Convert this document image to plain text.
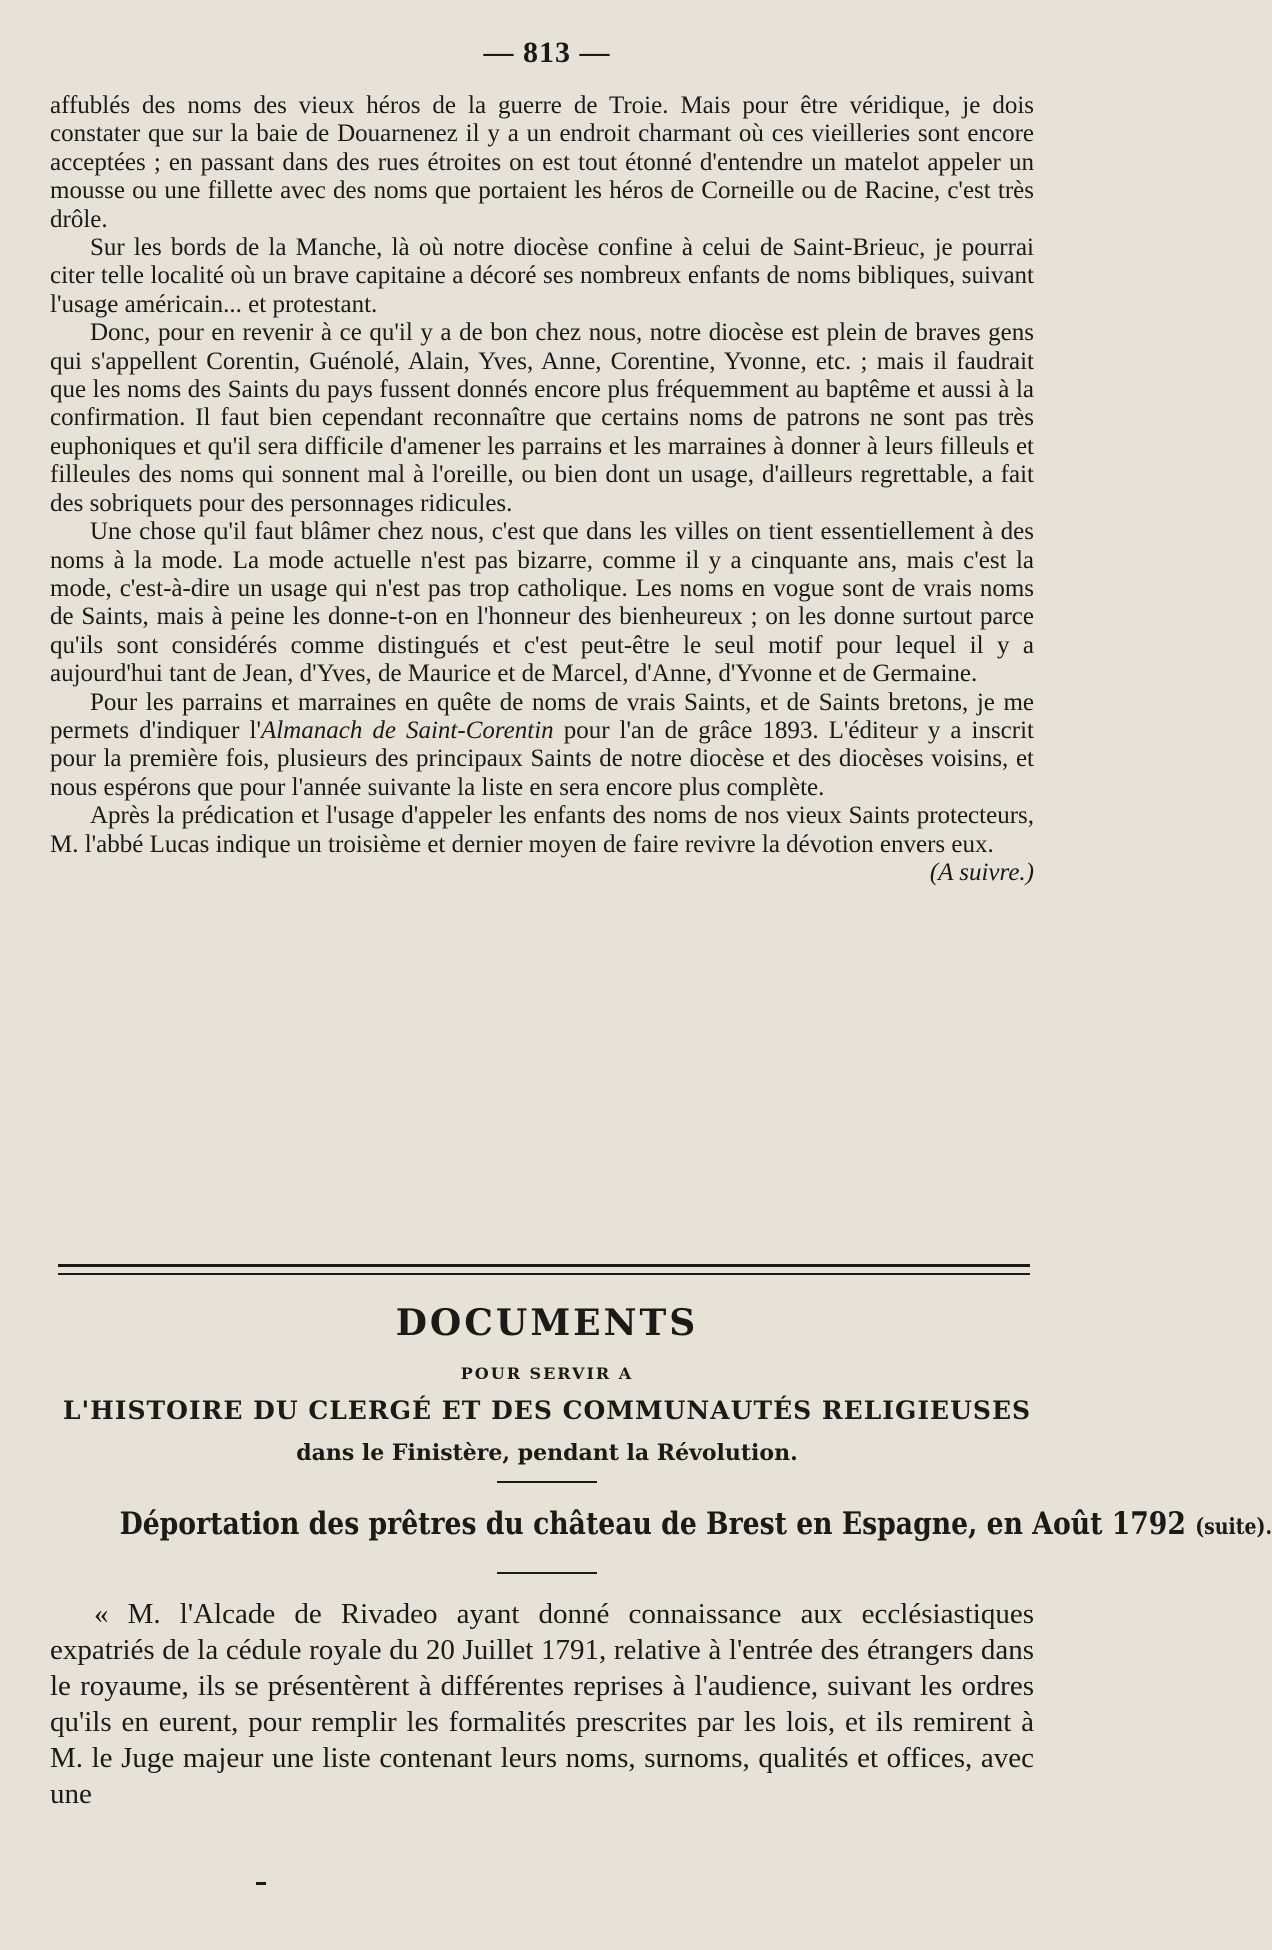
— 813 —

affublés des noms des vieux héros de la guerre de Troie. Mais pour être véridique, je dois constater que sur la baie de Douarnenez il y a un endroit charmant où ces vieilleries sont encore acceptées ; en passant dans des rues étroites on est tout étonné d'entendre un matelot appeler un mousse ou une fillette avec des noms que portaient les héros de Corneille ou de Racine, c'est très drôle.

Sur les bords de la Manche, là où notre diocèse confine à celui de Saint-Brieuc, je pourrai citer telle localité où un brave capitaine a décoré ses nombreux enfants de noms bibliques, suivant l'usage américain... et protestant.

Donc, pour en revenir à ce qu'il y a de bon chez nous, notre diocèse est plein de braves gens qui s'appellent Corentin, Guénolé, Alain, Yves, Anne, Corentine, Yvonne, etc. ; mais il faudrait que les noms des Saints du pays fussent donnés encore plus fréquemment au baptême et aussi à la confirmation. Il faut bien cependant reconnaître que certains noms de patrons ne sont pas très euphoniques et qu'il sera difficile d'amener les parrains et les marraines à donner à leurs filleuls et filleules des noms qui sonnent mal à l'oreille, ou bien dont un usage, d'ailleurs regrettable, a fait des sobriquets pour des personnages ridicules.

Une chose qu'il faut blâmer chez nous, c'est que dans les villes on tient essentiellement à des noms à la mode. La mode actuelle n'est pas bizarre, comme il y a cinquante ans, mais c'est la mode, c'est-à-dire un usage qui n'est pas trop catholique. Les noms en vogue sont de vrais noms de Saints, mais à peine les donne-t-on en l'honneur des bienheureux ; on les donne surtout parce qu'ils sont considérés comme distingués et c'est peut-être le seul motif pour lequel il y a aujourd'hui tant de Jean, d'Yves, de Maurice et de Marcel, d'Anne, d'Yvonne et de Germaine.

Pour les parrains et marraines en quête de noms de vrais Saints, et de Saints bretons, je me permets d'indiquer l'Almanach de Saint-Corentin pour l'an de grâce 1893. L'éditeur y a inscrit pour la première fois, plusieurs des principaux Saints de notre diocèse et des diocèses voisins, et nous espérons que pour l'année suivante la liste en sera encore plus complète.

Après la prédication et l'usage d'appeler les enfants des noms de nos vieux Saints protecteurs, M. l'abbé Lucas indique un troisième et dernier moyen de faire revivre la dévotion envers eux.
(A suivre.)

DOCUMENTS
POUR SERVIR A
L'HISTOIRE DU CLERGÉ ET DES COMMUNAUTÉS RELIGIEUSES
dans le Finistère, pendant la Révolution.
Déportation des prêtres du château de Brest en Espagne, en Août 1792 (suite).

« M. l'Alcade de Rivadeo ayant donné connaissance aux ecclésiastiques expatriés de la cédule royale du 20 Juillet 1791, relative à l'entrée des étrangers dans le royaume, ils se présentèrent à différentes reprises à l'audience, suivant les ordres qu'ils en eurent, pour remplir les formalités prescrites par les lois, et ils remirent à M. le Juge majeur une liste contenant leurs noms, surnoms, qualités et offices, avec une
